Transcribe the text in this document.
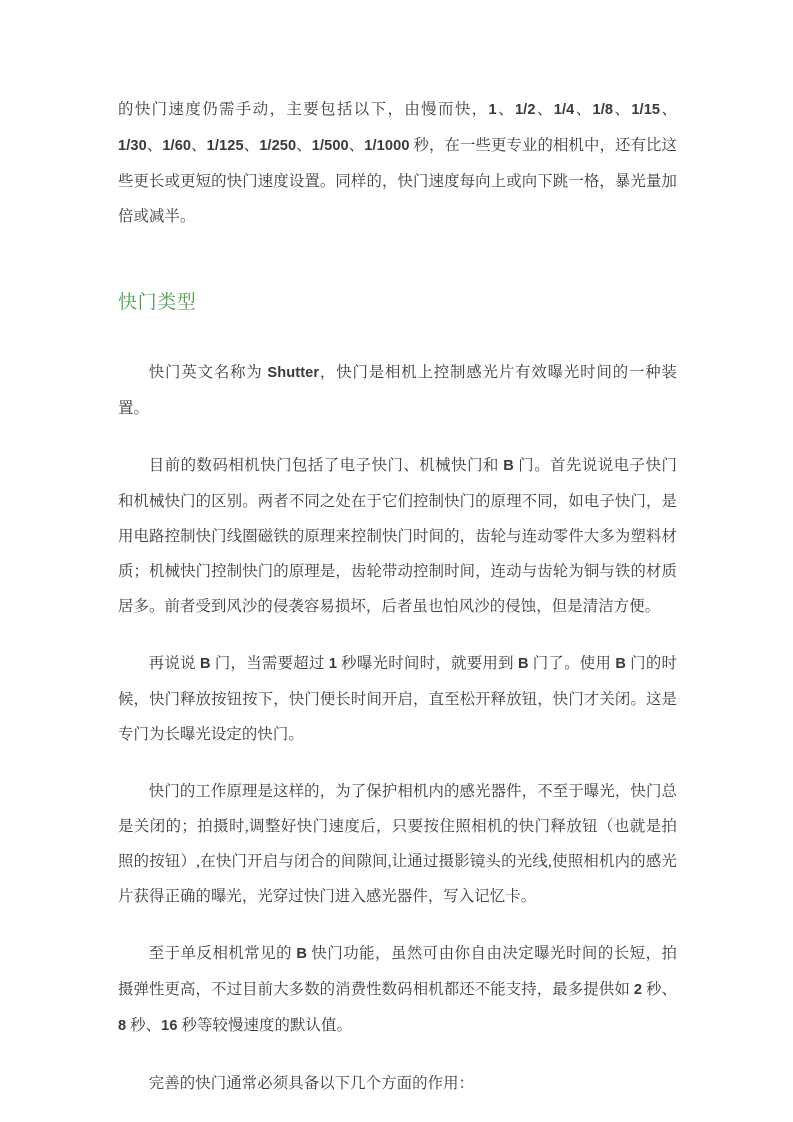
的快门速度仍需手动，主要包括以下，由慢而快，1、1/2、1/4、1/8、1/15、1/30、1/60、1/125、1/250、1/500、1/1000 秒，在一些更专业的相机中，还有比这些更长或更短的快门速度设置。同样的，快门速度每向上或向下跳一格，暴光量加倍或减半。

快门类型

快门英文名称为 Shutter，快门是相机上控制感光片有效曝光时间的一种装置。

目前的数码相机快门包括了电子快门、机械快门和 B 门。首先说说电子快门和机械快门的区别。两者不同之处在于它们控制快门的原理不同，如电子快门，是用电路控制快门线圈磁铁的原理来控制快门时间的，齿轮与连动零件大多为塑料材质；机械快门控制快门的原理是，齿轮带动控制时间，连动与齿轮为铜与铁的材质居多。前者受到风沙的侵袭容易损坏，后者虽也怕风沙的侵蚀，但是清洁方便。

再说说 B 门，当需要超过 1 秒曝光时间时，就要用到 B 门了。使用 B 门的时候，快门释放按钮按下，快门便长时间开启，直至松开释放钮，快门才关闭。这是专门为长曝光设定的快门。

快门的工作原理是这样的，为了保护相机内的感光器件，不至于曝光，快门总是关闭的；拍摄时,调整好快门速度后，只要按住照相机的快门释放钮（也就是拍照的按钮）,在快门开启与闭合的间隙间,让通过摄影镜头的光线,使照相机内的感光片获得正确的曝光，光穿过快门进入感光器件，写入记忆卡。

至于单反相机常见的 B 快门功能，虽然可由你自由决定曝光时间的长短，拍摄弹性更高，不过目前大多数的消费性数码相机都还不能支持，最多提供如 2 秒、8 秒、16 秒等较慢速度的默认值。

完善的快门通常必须具备以下几个方面的作用：
